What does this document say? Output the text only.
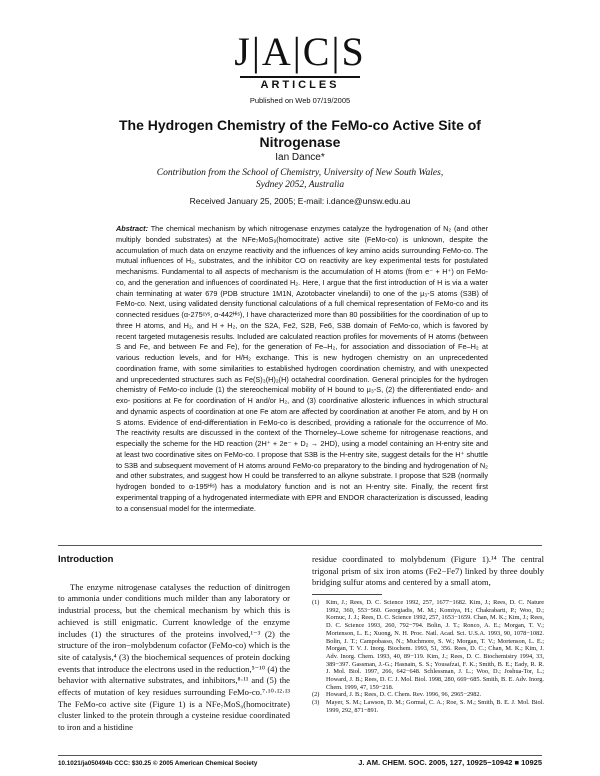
J|A|C|S
ARTICLES
Published on Web 07/19/2005
The Hydrogen Chemistry of the FeMo-co Active Site of Nitrogenase
Ian Dance*
Contribution from the School of Chemistry, University of New South Wales,
Sydney 2052, Australia
Received January 25, 2005; E-mail: i.dance@unsw.edu.au
Abstract: The chemical mechanism by which nitrogenase enzymes catalyze the hydrogenation of N₂ (and other multiply bonded substrates) at the NFe₇MoS₉(homocitrate) active site (FeMo-co) is unknown, despite the accumulation of much data on enzyme reactivity and the influences of key amino acids surrounding FeMo-co. The mutual influences of H₂, substrates, and the inhibitor CO on reactivity are key experimental tests for postulated mechanisms. Fundamental to all aspects of mechanism is the accumulation of H atoms (from e⁻ + H⁺) on FeMo-co, and the generation and influences of coordinated H₂. Here, I argue that the first introduction of H is via a water chain terminating at water 679 (PDB structure 1M1N, Azotobacter vinelandii) to one of the μ₃-S atoms (S3B) of FeMo-co. Next, using validated density functional calculations of a full chemical representation of FeMo-co and its connected residues (α-275ᶜʸˢ, α-442ᴴⁱˢ), I have characterized more than 80 possibilities for the coordination of up to three H atoms, and H₂, and H + H₂, on the S2A, Fe2, S2B, Fe6, S3B domain of FeMo-co, which is favored by recent targeted mutagenesis results. Included are calculated reaction profiles for movements of H atoms (between S and Fe, and between Fe and Fe), for the generation of Fe–H₂, for association and dissociation of Fe–H₂ at various reduction levels, and for H/H₂ exchange. This is new hydrogen chemistry on an unprecedented coordination frame, with some similarities to established hydrogen coordination chemistry, and with unexpected and unprecedented structures such as Fe(S)₃(H)₂(H) octahedral coordination. General principles for the hydrogen chemistry of FeMo-co include (1) the stereochemical mobility of H bound to μ₃-S, (2) the differentiated endo- and exo- positions at Fe for coordination of H and/or H₂, and (3) coordinative allosteric influences in which structural and dynamic aspects of coordination at one Fe atom are affected by coordination at another Fe atom, and by H on S atoms. Evidence of end-differentiation in FeMo-co is described, providing a rationale for the occurrence of Mo. The reactivity results are discussed in the context of the Thorneley–Lowe scheme for nitrogenase reactions, and especially the scheme for the HD reaction (2H⁺ + 2e⁻ + D₂ → 2HD), using a model containing an H-entry site and at least two coordinative sites on FeMo-co. I propose that S3B is the H-entry site, suggest details for the H⁺ shuttle to S3B and subsequent movement of H atoms around FeMo-co preparatory to the binding and hydrogenation of N₂ and other substrates, and suggest how H could be transferred to an alkyne substrate. I propose that S2B (normally hydrogen bonded to α-195ᴴⁱˢ) has a modulatory function and is not an H-entry site. Finally, the recent first experimental trapping of a hydrogenated intermediate with EPR and ENDOR characterization is discussed, leading to a consensual model for the intermediate.
Introduction
The enzyme nitrogenase catalyses the reduction of dinitrogen to ammonia under conditions much milder than any laboratory or industrial process, but the chemical mechanism by which this is achieved is still enigmatic. Current knowledge of the enzyme includes (1) the structures of the proteins involved,¹⁻³ (2) the structure of the iron−molybdenum cofactor (FeMo-co) which is the site of catalysis,⁴ (3) the biochemical sequences of protein docking events that introduce the electrons used in the reduction,⁵⁻¹⁰ (4) the behavior with alternative substrates, and inhibitors,⁸·¹¹ and (5) the effects of mutation of key residues surrounding FeMo-co.⁷·¹⁰·¹²·¹³ The FeMo-co active site (Figure 1) is a NFe₇MoS₉(homocitrate) cluster linked to the protein through a cysteine residue coordinated to iron and a histidine
residue coordinated to molybdenum (Figure 1).¹⁴ The central trigonal prism of six iron atoms (Fe2−Fe7) linked by three doubly bridging sulfur atoms and centered by a small atom,
(1)	Kim, J.; Rees, D. C. Science 1992, 257, 1677−1682. Kim, J.; Rees, D. C. Nature 1992, 360, 553−560. Georgiadis, M. M.; Komiya, H.; Chakrabarti, P.; Woo, D.; Kornuc, J. J.; Rees, D. C. Science 1992, 257, 1653−1659. Chan, M. K.; Kim, J.; Rees, D. C. Science 1993, 260, 792−794. Bolin, J. T.; Ronco, A. E.; Morgan, T. V.; Mortenson, L. E.; Xuong, N. H. Proc. Natl. Acad. Sci. U.S.A. 1993, 90, 1078−1082. Bolin, J. T.; Campobasso, N.; Muchmore, S. W.; Morgan, T. V.; Mortenson, L. E.; Morgan, T. V. J. Inorg. Biochem. 1993, 51, 356. Rees, D. C.; Chan, M. K.; Kim, J. Adv. Inorg. Chem. 1993, 40, 89−119. Kim, J.; Rees, D. C. Biochemistry 1994, 33, 389−397. Gassman, J.-G.; Hasnain, S. S.; Yousafzai, F. K.; Smith, B. E.; Eady, R. R. J. Mol. Biol. 1997, 266, 642−648. Schlessman, J. L.; Woo, D.; Joshua-Tor, L.; Howard, J. B.; Rees, D. C. J. Mol. Biol. 1998, 280, 669−685. Smith, B. E. Adv. Inorg. Chem. 1999, 47, 159−218.
(2)	Howard, J. B.; Rees, D. C. Chem. Rev. 1996, 96, 2965−2982.
(3)	Mayer, S. M.; Lawson, D. M.; Gormal, C. A.; Roe, S. M.; Smith, B. E. J. Mol. Biol. 1999, 292, 871−891.
10.1021/ja050494b CCC: $30.25 © 2005 American Chemical Society	J. AM. CHEM. SOC. 2005, 127, 10925−10942 ■ 10925
